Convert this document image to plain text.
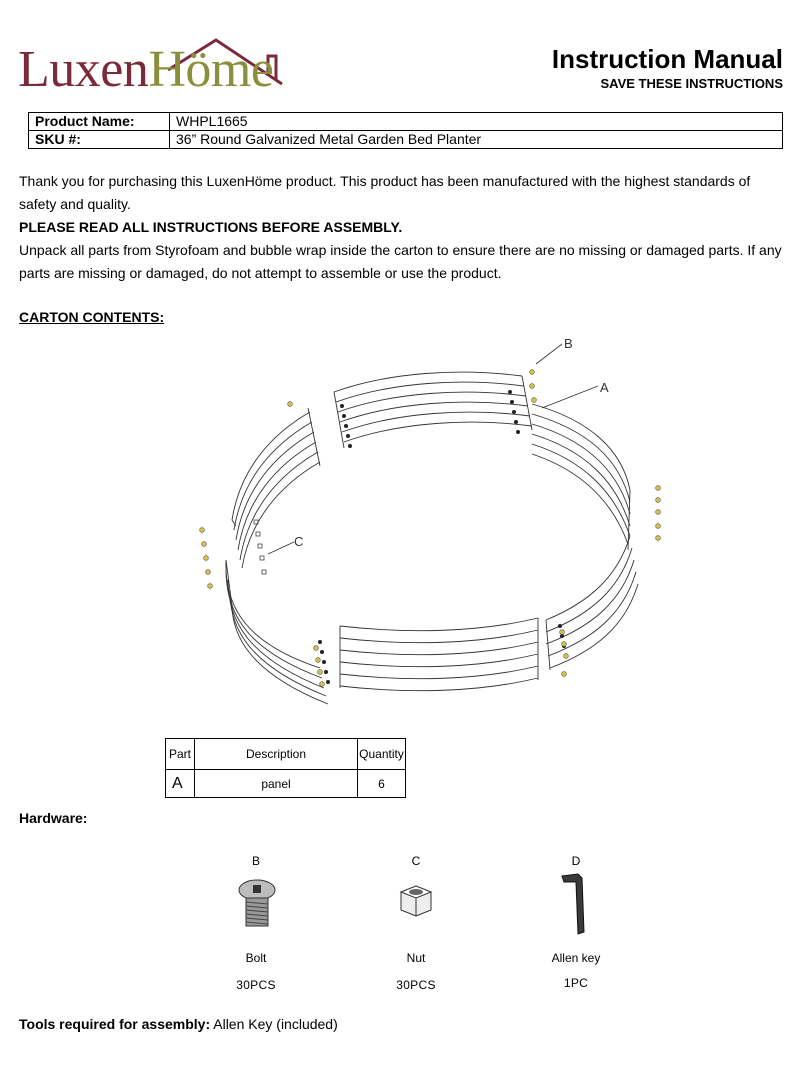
LuxenHöme	Instruction Manual
SAVE THESE INSTRUCTIONS
Product Name:	WHPL1665
SKU #:	36” Round Galvanized Metal Garden Bed Planter
Thank you for purchasing this LuxenHöme product. This product has been manufactured with the highest standards of safety and quality.
PLEASE READ ALL INSTRUCTIONS BEFORE ASSEMBLY.
Unpack all parts from Styrofoam and bubble wrap inside the carton to ensure there are no missing or damaged parts. If any parts are missing or damaged, do not attempt to assemble or use the product.
CARTON CONTENTS:
B
A
C
Part	Description	Quantity
A	panel	6
Hardware:
B
Bolt
30PCS
C
Nut
30PCS
D
Allen key
1PC
Tools required for assembly: Allen Key (included)
